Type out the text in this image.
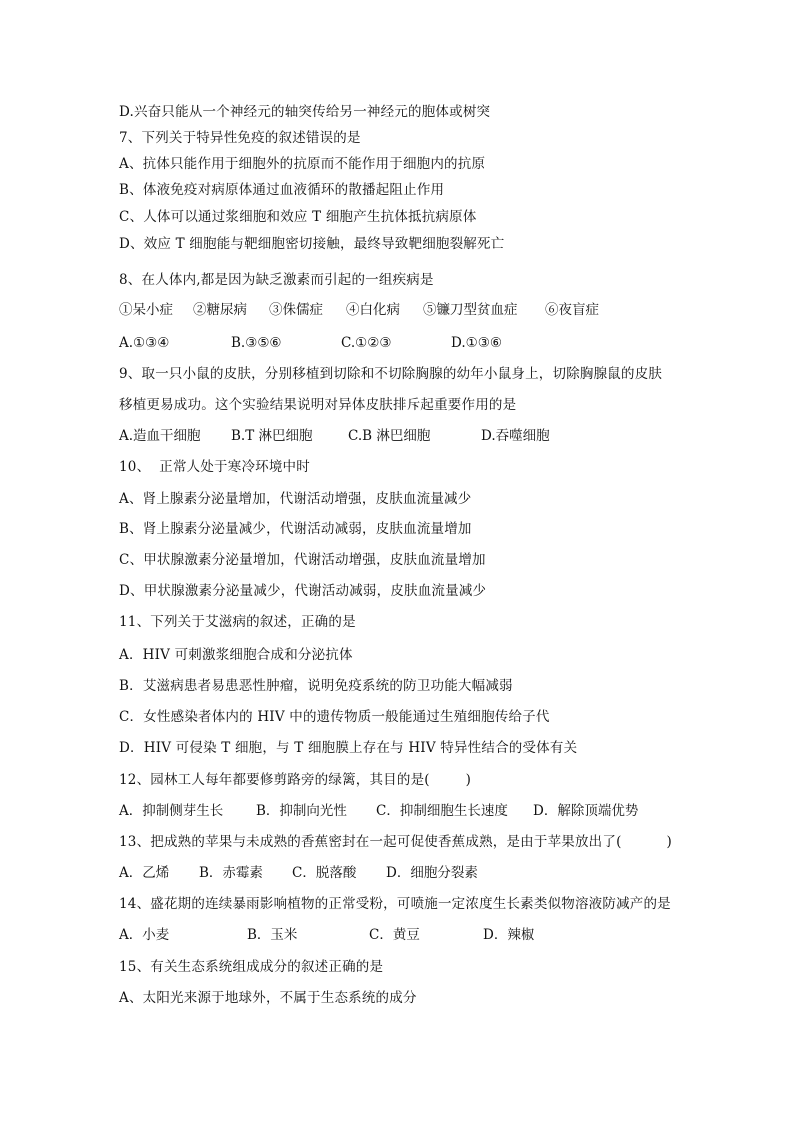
D.兴奋只能从一个神经元的轴突传给另一神经元的胞体或树突
7、下列关于特异性免疫的叙述错误的是
A、抗体只能作用于细胞外的抗原而不能作用于细胞内的抗原
B、体液免疫对病原体通过血液循环的散播起阻止作用
C、人体可以通过浆细胞和效应 T 细胞产生抗体抵抗病原体
D、效应 T 细胞能与靶细胞密切接触，最终导致靶细胞裂解死亡
8、在人体内,都是因为缺乏激素而引起的一组疾病是

①呆小症

②糖尿病

③侏儒症

④白化病

⑤镰刀型贫血症

⑥夜盲症

A.①③④

	B.③⑤⑥

	C.①②③

	D.①③⑥

9、取一只小鼠的皮肤，分别移植到切除和不切除胸腺的幼年小鼠身上，切除胸腺鼠的皮肤
移植更易成功。这个实验结果说明对异体皮肤排斥起重要作用的是

A.造血干细胞

B.T 淋巴细胞

	C.B 淋巴细胞

	D.吞噬细胞

10、  正常人处于寒冷环境中时
A、肾上腺素分泌量增加，代谢活动增强，皮肤血流量减少
B、肾上腺素分泌量减少，代谢活动减弱，皮肤血流量增加
C、甲状腺激素分泌量增加，代谢活动增强，皮肤血流量增加
D、甲状腺激素分泌量减少，代谢活动减弱，皮肤血流量减少
11、下列关于艾滋病的叙述，正确的是
A．HIV 可刺激浆细胞合成和分泌抗体
B．艾滋病患者易患恶性肿瘤，说明免疫系统的防卫功能大幅减弱
C．女性感染者体内的 HIV 中的遗传物质一般能通过生殖细胞传给子代
D．HIV 可侵染 T 细胞，与 T 细胞膜上存在与 HIV 特异性结合的受体有关
12、园林工人每年都要修剪路旁的绿篱，其目的是(        )

A．抑制侧芽生长

B．抑制向光性

C．抑制细胞生长速度

D．解除顶端优势

13、把成熟的苹果与未成熟的香蕉密封在一起可促使香蕉成熟，是由于苹果放出了(          )

A．乙烯

B．赤霉素

C．脱落酸

D．细胞分裂素

14、盛花期的连续暴雨影响植物的正常受粉，可喷施一定浓度生长素类似物溶液防减产的是

A．小麦

	B．玉米

	C．黄豆

	D．辣椒

15、有关生态系统组成成分的叙述正确的是
A、太阳光来源于地球外，不属于生态系统的成分
